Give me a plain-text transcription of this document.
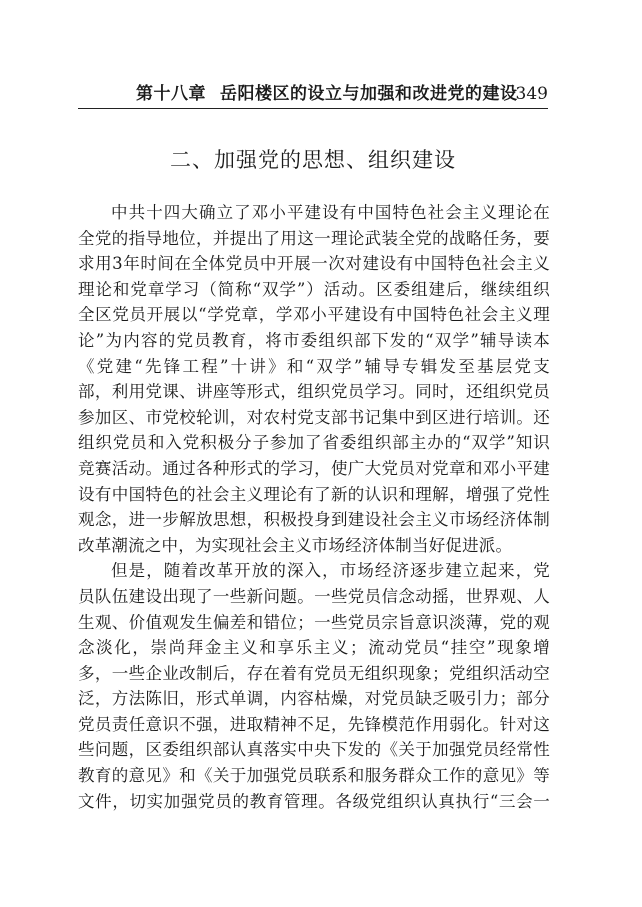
第十八章 岳阳楼区的设立与加强和改进党的建设
349
二、加强党的思想、组织建设

中共十四大确立了邓小平建设有中国特色社会主义理论在
全党的指导地位，并提出了用这一理论武装全党的战略任务，要
求用3年时间在全体党员中开展一次对建设有中国特色社会主义
理论和党章学习（简称“双学”）活动。区委组建后，继续组织
全区党员开展以“学党章，学邓小平建设有中国特色社会主义理
论”为内容的党员教育，将市委组织部下发的“双学”辅导读本
《党建“先锋工程”十讲》和“双学”辅导专辑发至基层党支
部，利用党课、讲座等形式，组织党员学习。同时，还组织党员
参加区、市党校轮训，对农村党支部书记集中到区进行培训。还
组织党员和入党积极分子参加了省委组织部主办的“双学”知识
竞赛活动。通过各种形式的学习，使广大党员对党章和邓小平建
设有中国特色的社会主义理论有了新的认识和理解，增强了党性
观念，进一步解放思想，积极投身到建设社会主义市场经济体制
改革潮流之中，为实现社会主义市场经济体制当好促进派。

但是，随着改革开放的深入，市场经济逐步建立起来，党
员队伍建设出现了一些新问题。一些党员信念动摇，世界观、人
生观、价值观发生偏差和错位；一些党员宗旨意识淡薄，党的观
念淡化，崇尚拜金主义和享乐主义；流动党员“挂空”现象增
多，一些企业改制后，存在着有党员无组织现象；党组织活动空
泛，方法陈旧，形式单调，内容枯燥，对党员缺乏吸引力；部分
党员责任意识不强，进取精神不足，先锋模范作用弱化。针对这
些问题，区委组织部认真落实中央下发的《关于加强党员经常性
教育的意见》和《关于加强党员联系和服务群众工作的意见》等
文件，切实加强党员的教育管理。各级党组织认真执行“三会一
